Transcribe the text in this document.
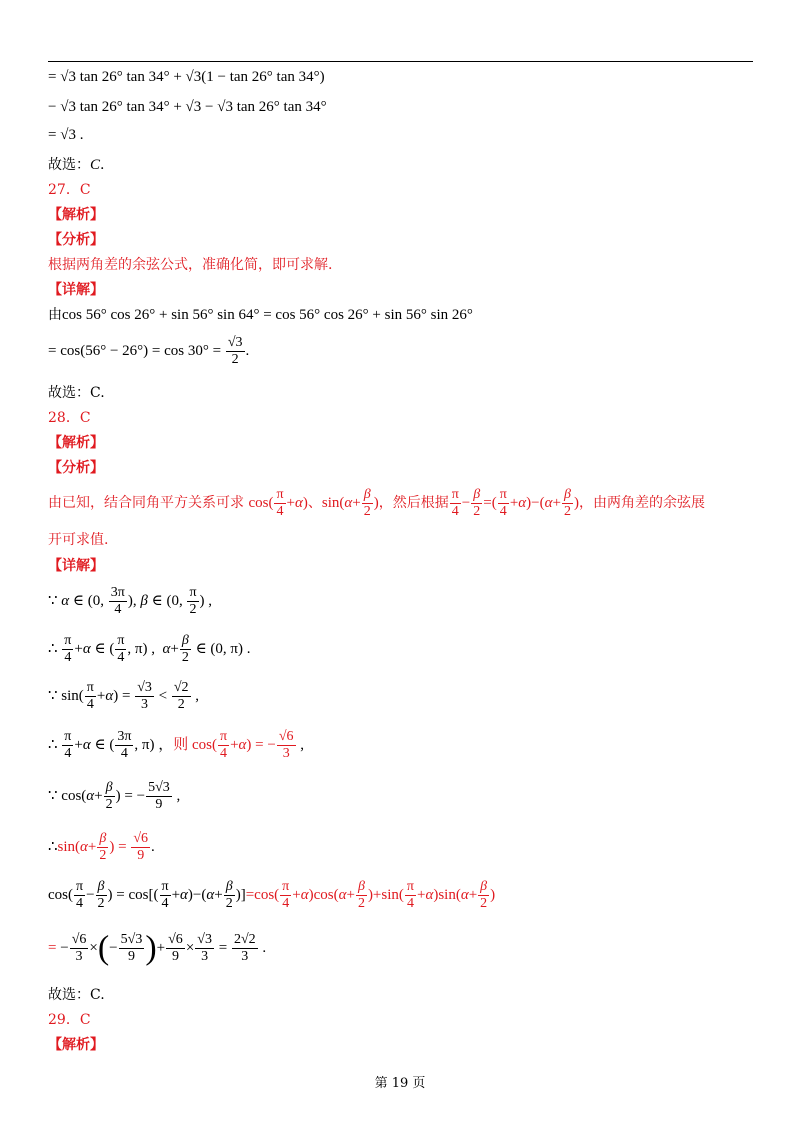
= √3 tan 26° tan 34° + √3(1 − tan 26° tan 34°)
− √3 tan 26° tan 34° + √3 − √3 tan 26° tan 34°
= √3 .
故选：C.
27．C
【解析】
【分析】
根据两角差的余弦公式，准确化简，即可求解.
【详解】
由cos 56° cos 26° + sin 56° sin 64° = cos 56° cos 26° + sin 56° sin 26°
= $\cos(56^\circ - 26^\circ) = \cos 30^\circ = \frac{√3}{2}$ .
故选：C.
28．C
【解析】
【分析】
由已知，结合同角平方关系可求 $\cos( \frac{\pi}{4} +\alpha)$、$\sin(\alpha+ \frac{\beta}{2}$ )，然后根据 $\frac{\pi}{4} - \frac{\beta}{2}$ =( $\frac{\pi}{4} +\alpha)-(\alpha+ \frac{\beta}{2}$ )，由两角差的余弦展
开可求值.
【详解】
∵ α ∈ (0, $\frac{3\pi}{4}$ ), β ∈ (0, $\frac{\pi}{2}$ ) ,
∴ $\frac{\pi}{4} +\alpha$ ∈ ( $\frac{\pi}{4}$ , π) ,  $\alpha+ \frac{\beta}{2}$ ∈ (0, π) .
∵ $\sin( \frac{\pi}{4} +\alpha) = \frac{√3}{3} < \frac{√2}{2}$ ,
∴ $\frac{\pi}{4} +\alpha$ ∈ ( $\frac{3\pi}{4}$ , π) ，则 $\cos( \frac{\pi}{4} +\alpha)$ = − $\frac{√6}{3}$ ,
∵ $\cos(\alpha+ \frac{\beta}{2}$ ) = − $\frac{5√3}{9}$ ,
∴sin(α+ $\frac{\beta}{2}$ ) = $\frac{√6}{9}$ .
$\cos( \frac{\pi}{4} - \frac{\beta}{2}$ ) = $\cos[( \frac{\pi}{4} +\alpha)-(\alpha+ \frac{\beta}{2} )]=\cos( \frac{\pi}{4} +\alpha)\cos(\alpha+ \frac{\beta}{2} )+\sin( \frac{\pi}{4} +\alpha)\sin(\alpha+ \frac{\beta}{2}$ )
= − $\frac{√6}{3}$ ×(− $\frac{5√3}{9}$ )+ $\frac{√6}{9} \times \frac{√3}{3} = \frac{2√2}{3}$ .
故选：C.
29．C
【解析】
第 19 页
